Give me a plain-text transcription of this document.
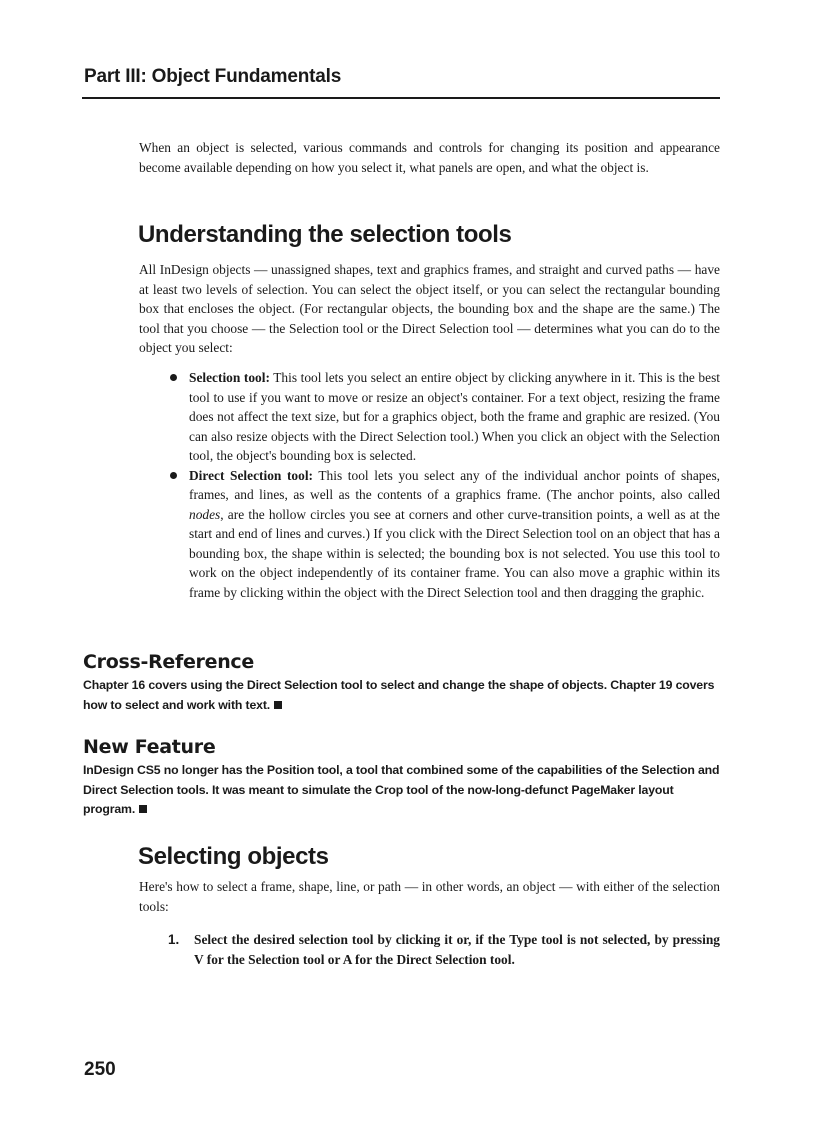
Part III: Object Fundamentals

When an object is selected, various commands and controls for changing its position and appearance become available depending on how you select it, what panels are open, and what the object is.

Understanding the selection tools

All InDesign objects — unassigned shapes, text and graphics frames, and straight and curved paths — have at least two levels of selection. You can select the object itself, or you can select the rectangular bounding box that encloses the object. (For rectangular objects, the bounding box and the shape are the same.) The tool that you choose — the Selection tool or the Direct Selection tool — determines what you can do to the object you select:

Selection tool: This tool lets you select an entire object by clicking anywhere in it. This is the best tool to use if you want to move or resize an object's container. For a text object, resizing the frame does not affect the text size, but for a graphics object, both the frame and graphic are resized. (You can also resize objects with the Direct Selection tool.) When you click an object with the Selection tool, the object's bounding box is selected.
Direct Selection tool: This tool lets you select any of the individual anchor points of shapes, frames, and lines, as well as the contents of a graphics frame. (The anchor points, also called nodes, are the hollow circles you see at corners and other curve-transition points, a well as at the start and end of lines and curves.) If you click with the Direct Selection tool on an object that has a bounding box, the shape within is selected; the bounding box is not selected. You use this tool to work on the object independently of its container frame. You can also move a graphic within its frame by clicking within the object with the Direct Selection tool and then dragging the graphic.
Cross-Reference
Chapter 16 covers using the Direct Selection tool to select and change the shape of objects. Chapter 19 covers how to select and work with text.
New Feature
InDesign CS5 no longer has the Position tool, a tool that combined some of the capabilities of the Selection and Direct Selection tools. It was meant to simulate the Crop tool of the now-long-defunct PageMaker layout program.
Selecting objects

Here's how to select a frame, shape, line, or path — in other words, an object — with either of the selection tools:

1.	Select the desired selection tool by clicking it or, if the Type tool is not selected, by pressing V for the Selection tool or A for the Direct Selection tool.
250
